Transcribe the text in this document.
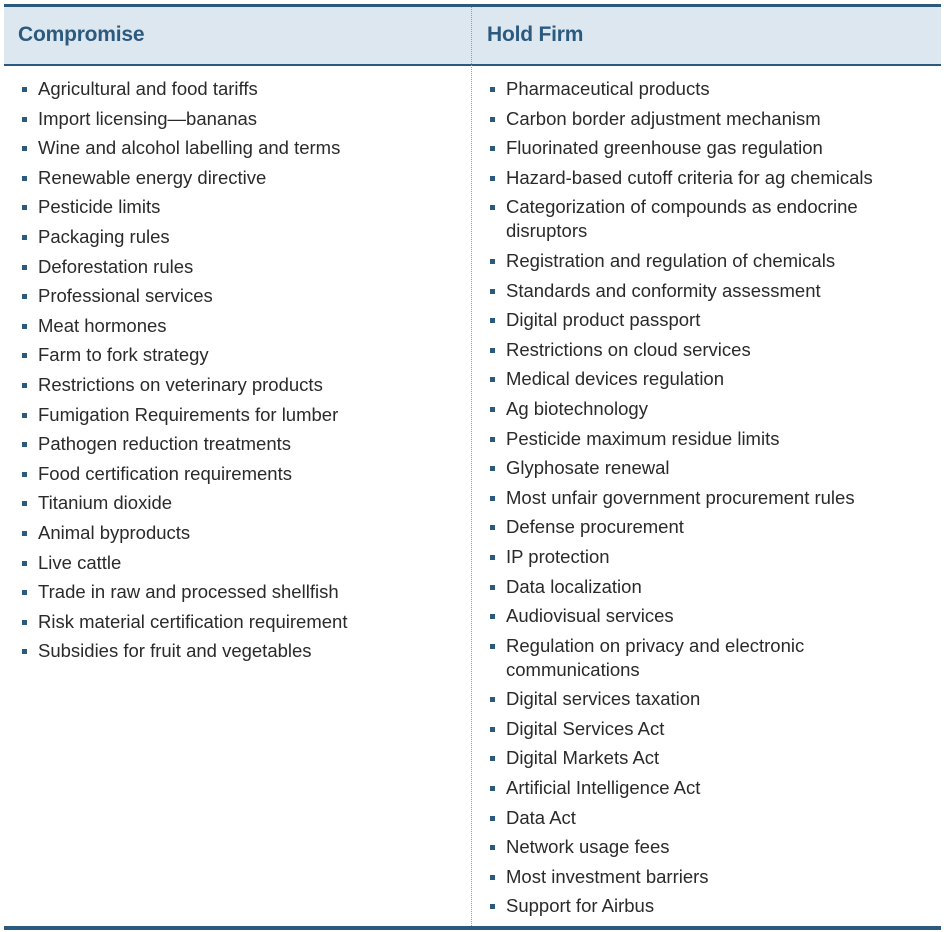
Compromise	Hold Firm
Agricultural and food tariffs
Import licensing—bananas
Wine and alcohol labelling and terms
Renewable energy directive
Pesticide limits
Packaging rules
Deforestation rules
Professional services
Meat hormones
Farm to fork strategy
Restrictions on veterinary products
Fumigation Requirements for lumber
Pathogen reduction treatments
Food certification requirements
Titanium dioxide
Animal byproducts
Live cattle
Trade in raw and processed shellfish
Risk material certification requirement
Subsidies for fruit and vegetables
Pharmaceutical products
Carbon border adjustment mechanism
Fluorinated greenhouse gas regulation
Hazard-based cutoff criteria for ag chemicals
Categorization of compounds as endocrine disruptors
Registration and regulation of chemicals
Standards and conformity assessment
Digital product passport
Restrictions on cloud services
Medical devices regulation
Ag biotechnology
Pesticide maximum residue limits
Glyphosate renewal
Most unfair government procurement rules
Defense procurement
IP protection
Data localization
Audiovisual services
Regulation on privacy and electronic communications
Digital services taxation
Digital Services Act
Digital Markets Act
Artificial Intelligence Act
Data Act
Network usage fees
Most investment barriers
Support for Airbus
